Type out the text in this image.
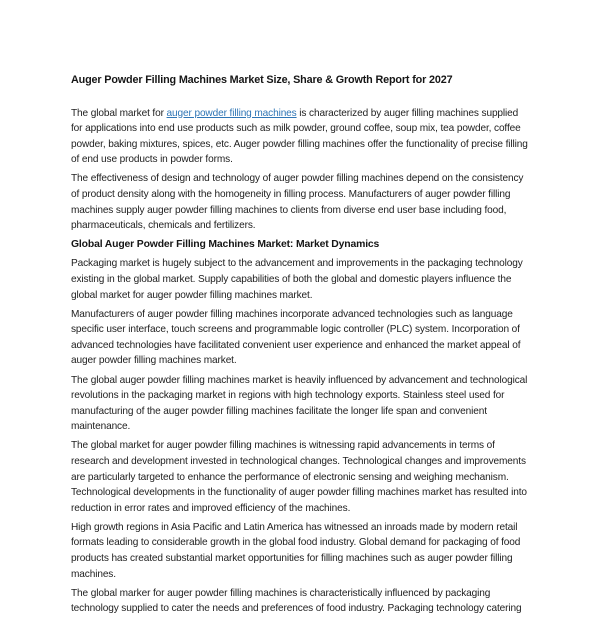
Auger Powder Filling Machines Market Size, Share & Growth Report for 2027

The global market for auger powder filling machines is characterized by auger filling machines supplied for applications into end use products such as milk powder, ground coffee, soup mix, tea powder, coffee powder, baking mixtures, spices, etc. Auger powder filling machines offer the functionality of precise filling of end use products in powder forms.

The effectiveness of design and technology of auger powder filling machines depend on the consistency of product density along with the homogeneity in filling process. Manufacturers of auger powder filling machines supply auger powder filling machines to clients from diverse end user base including food, pharmaceuticals, chemicals and fertilizers.

Global Auger Powder Filling Machines Market: Market Dynamics

Packaging market is hugely subject to the advancement and improvements in the packaging technology existing in the global market. Supply capabilities of both the global and domestic players influence the global market for auger powder filling machines market.

Manufacturers of auger powder filling machines incorporate advanced technologies such as language specific user interface, touch screens and programmable logic controller (PLC) system. Incorporation of advanced technologies have facilitated convenient user experience and enhanced the market appeal of auger powder filling machines market.

The global auger powder filling machines market is heavily influenced by advancement and technological revolutions in the packaging market in regions with high technology exports. Stainless steel used for manufacturing of the auger powder filling machines facilitate the longer life span and convenient maintenance.

The global market for auger powder filling machines is witnessing rapid advancements in terms of research and development invested in technological changes. Technological changes and improvements are particularly targeted to enhance the performance of electronic sensing and weighing mechanism. Technological developments in the functionality of auger powder filling machines market has resulted into reduction in error rates and improved efficiency of the machines.

High growth regions in Asia Pacific and Latin America has witnessed an inroads made by modern retail formats leading to considerable growth in the global food industry. Global demand for packaging of food products has created substantial market opportunities for filling machines such as auger powder filling machines.

The global marker for auger powder filling machines is characteristically influenced by packaging technology supplied to cater the needs and preferences of food industry. Packaging technology catering
